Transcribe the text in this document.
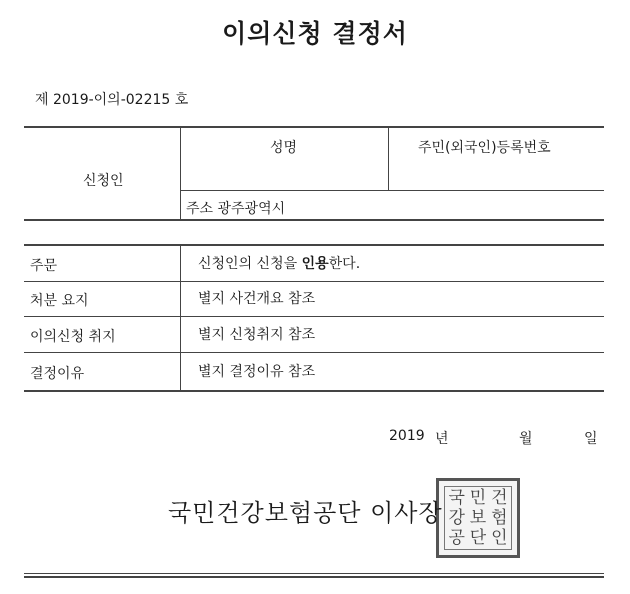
이의신청 결정서
제 2019-이의-02215 호
신청인
성명	주민(외국인)등록번호
주소 광주광역시
주문	신청인의 신청을 인용한다.
처분 요지	별지 사건개요 참조
이의신청 취지	별지 신청취지 참조
결정이유	별지 결정이유 참조
2019 년	월	일
국 민 건
강 보 험
공 단 인
국민건강보험공단 이사장
